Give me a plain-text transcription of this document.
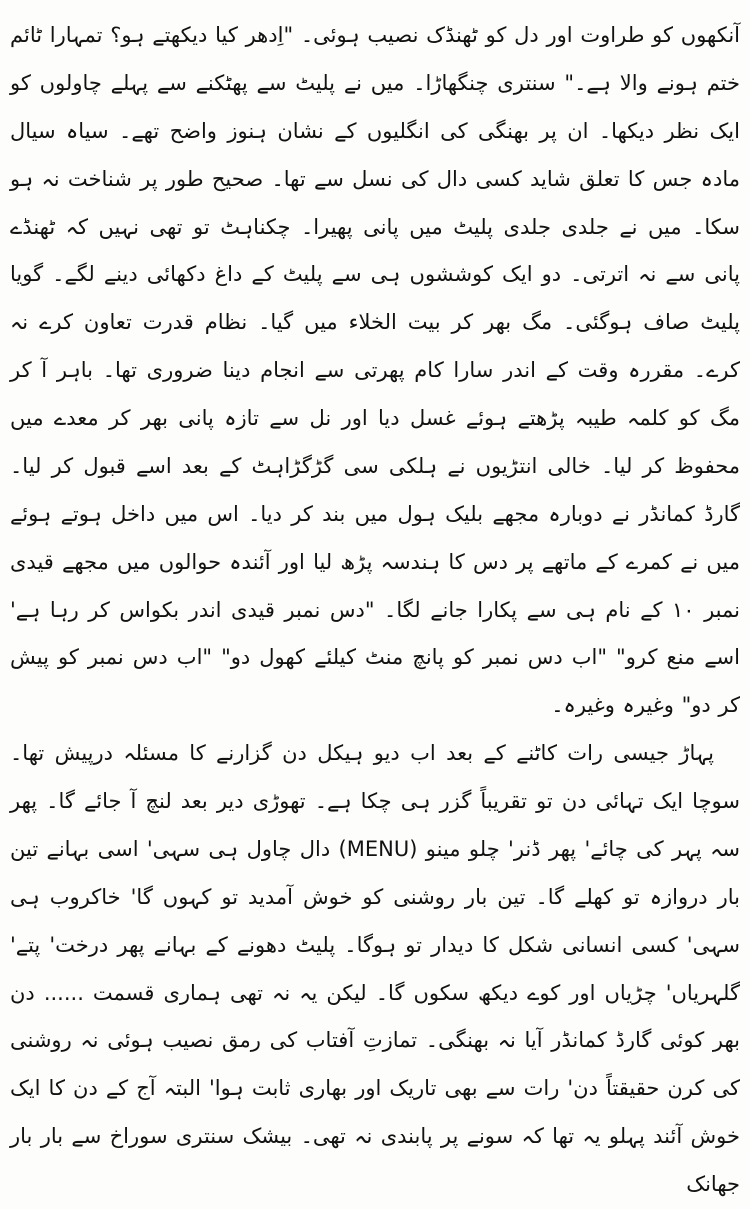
آنکھوں کو طراوت اور دل کو ٹھنڈک نصیب ہوئی۔ "اِدھر کیا دیکھتے ہو؟ تمہارا ٹائم ختم ہونے والا ہے۔" سنتری چنگھاڑا۔ میں نے پلیٹ سے پھٹکنے سے پہلے چاولوں کو ایک نظر دیکھا۔ ان پر بھنگی کی انگلیوں کے نشان ہنوز واضح تھے۔ سیاہ سیال مادہ جس کا تعلق شاید کسی دال کی نسل سے تھا۔ صحیح طور پر شناخت نہ ہو سکا۔ میں نے جلدی جلدی پلیٹ میں پانی پھیرا۔ چکناہٹ تو تھی نہیں کہ ٹھنڈے پانی سے نہ اترتی۔ دو ایک کوششوں ہی سے پلیٹ کے داغ دکھائی دینے لگے۔ گویا پلیٹ صاف ہوگئی۔ مگ بھر کر بیت الخلاء میں گیا۔ نظام قدرت تعاون کرے نہ کرے۔ مقررہ وقت کے اندر سارا کام پھرتی سے انجام دینا ضروری تھا۔ باہر آ کر مگ کو کلمہ طیبہ پڑھتے ہوئے غسل دیا اور نل سے تازہ پانی بھر کر معدے میں محفوظ کر لیا۔ خالی انتڑیوں نے ہلکی سی گڑگڑاہٹ کے بعد اسے قبول کر لیا۔ گارڈ کمانڈر نے دوبارہ مجھے بلیک ہول میں بند کر دیا۔ اس میں داخل ہوتے ہوئے میں نے کمرے کے ماتھے پر دس کا ہندسہ پڑھ لیا اور آئندہ حوالوں میں مجھے قیدی نمبر ۱۰ کے نام ہی سے پکارا جانے لگا۔ "دس نمبر قیدی اندر بکواس کر رہا ہے' اسے منع کرو" "اب دس نمبر کو پانچ منٹ کیلئے کھول دو" "اب دس نمبر کو پیش کر دو" وغیرہ وغیرہ۔

پہاڑ جیسی رات کاٹنے کے بعد اب دیو ہیکل دن گزارنے کا مسئلہ درپیش تھا۔ سوچا ایک تہائی دن تو تقریباً گزر ہی چکا ہے۔ تھوڑی دیر بعد لنچ آ جائے گا۔ پھر سہ پہر کی چائے' پھر ڈنر' چلو مینو (MENU) دال چاول ہی سہی' اسی بہانے تین بار دروازہ تو کھلے گا۔ تین بار روشنی کو خوش آمدید تو کہوں گا' خاکروب ہی سہی' کسی انسانی شکل کا دیدار تو ہوگا۔ پلیٹ دھونے کے بہانے پھر درخت' پتے' گلہریاں' چڑیاں اور کوے دیکھ سکوں گا۔ لیکن یہ نہ تھی ہماری قسمت ...... دن بھر کوئی گارڈ کمانڈر آیا نہ بھنگی۔ تمازتِ آفتاب کی رمق نصیب ہوئی نہ روشنی کی کرن حقیقتاً دن' رات سے بھی تاریک اور بھاری ثابت ہوا' البتہ آج کے دن کا ایک خوش آئند پہلو یہ تھا کہ سونے پر پابندی نہ تھی۔ بیشک سنتری سوراخ سے بار بار جھانک
